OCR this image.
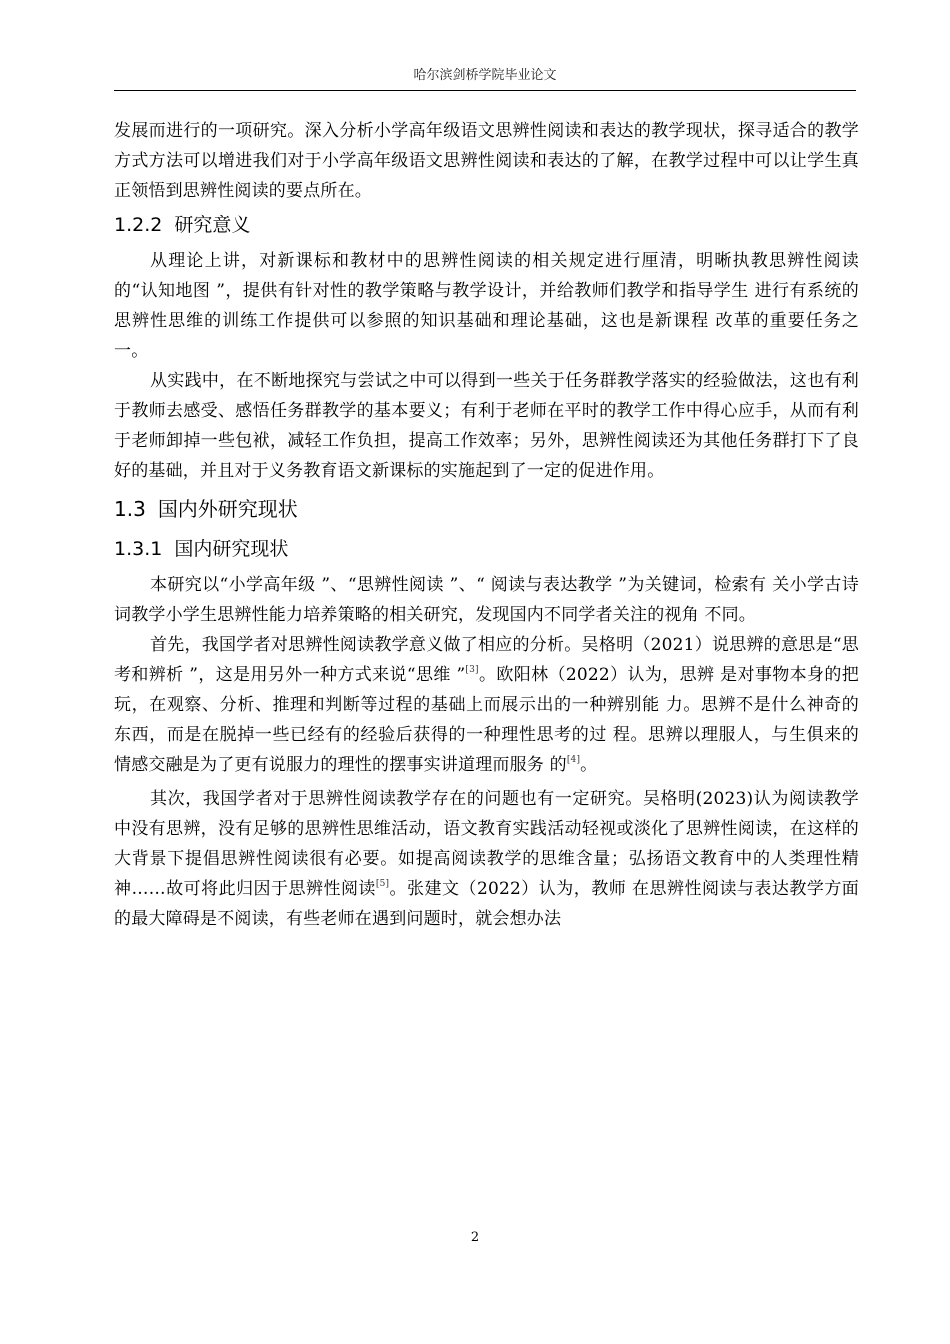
哈尔滨剑桥学院毕业论文

发展而进行的一项研究。深入分析小学高年级语文思辨性阅读和表达的教学现状，探寻适合的教学方式方法可以增进我们对于小学高年级语文思辨性阅读和表达的了解，在教学过程中可以让学生真正领悟到思辨性阅读的要点所在。

1.2.2 研究意义

从理论上讲，对新课标和教材中的思辨性阅读的相关规定进行厘清，明晰执教思辨性阅读的“认知地图 ”，提供有针对性的教学策略与教学设计，并给教师们教学和指导学生 进行有系统的思辨性思维的训练工作提供可以参照的知识基础和理论基础，这也是新课程 改革的重要任务之一。

从实践中，在不断地探究与尝试之中可以得到一些关于任务群教学落实的经验做法，这也有利于教师去感受、感悟任务群教学的基本要义；有利于老师在平时的教学工作中得心应手，从而有利于老师卸掉一些包袱，减轻工作负担，提高工作效率；另外，思辨性阅读还为其他任务群打下了良好的基础，并且对于义务教育语文新课标的实施起到了一定的促进作用。

1.3 国内外研究现状
1.3.1 国内研究现状

本研究以“小学高年级 ”、“思辨性阅读 ”、“ 阅读与表达教学 ”为关键词，检索有 关小学古诗词教学小学生思辨性能力培养策略的相关研究，发现国内不同学者关注的视角 不同。

首先，我国学者对思辨性阅读教学意义做了相应的分析。吴格明（2021）说思辨的意思是“思考和辨析 ”，这是用另外一种方式来说“思维 ”[3]。欧阳林（2022）认为，思辨 是对事物本身的把玩，在观察、分析、推理和判断等过程的基础上而展示出的一种辨别能 力。思辨不是什么神奇的东西，而是在脱掉一些已经有的经验后获得的一种理性思考的过 程。思辨以理服人，与生俱来的情感交融是为了更有说服力的理性的摆事实讲道理而服务 的[4]。

其次，我国学者对于思辨性阅读教学存在的问题也有一定研究。吴格明(2023)认为阅读教学中没有思辨，没有足够的思辨性思维活动，语文教育实践活动轻视或淡化了思辨性阅读，在这样的大背景下提倡思辨性阅读很有必要。如提高阅读教学的思维含量；弘扬语文教育中的人类理性精神……故可将此归因于思辨性阅读[5]。张建文（2022）认为，教师 在思辨性阅读与表达教学方面的最大障碍是不阅读，有些老师在遇到问题时，就会想办法

2
